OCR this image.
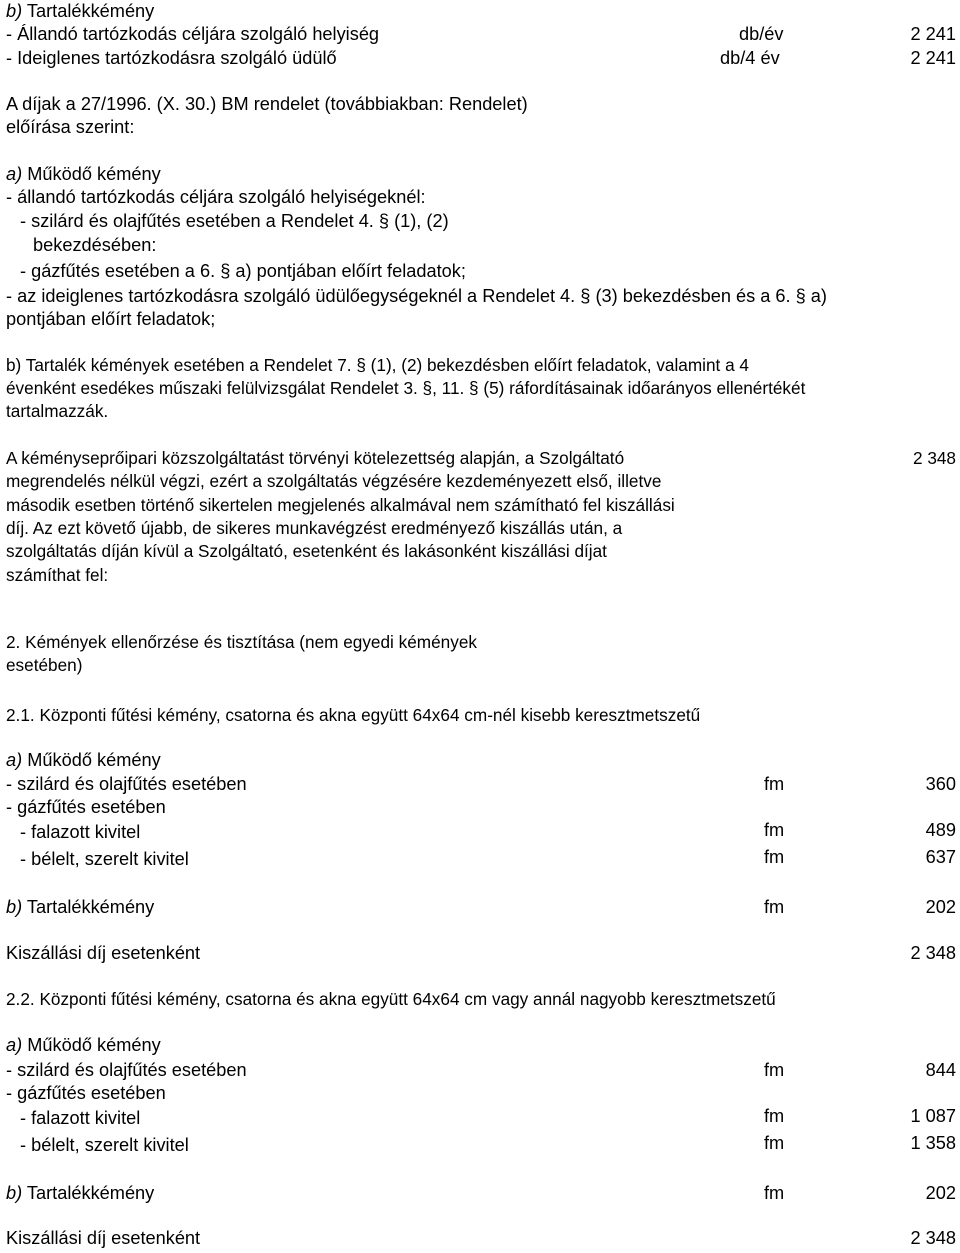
b) Tartalékkémény
- Állandó tartózkodás céljára szolgáló helyiség	db/év	2 241
- Ideiglenes tartózkodásra szolgáló üdülő	db/4 év	2 241
A díjak a 27/1996. (X. 30.) BM rendelet (továbbiakban: Rendelet)
előírása szerint:
a) Működő kémény
- állandó tartózkodás céljára szolgáló helyiségeknél:
- szilárd és olajfűtés esetében a Rendelet 4. § (1), (2)
bekezdésében:
- gázfűtés esetében a 6. § a) pontjában előírt feladatok;
- az ideiglenes tartózkodásra szolgáló üdülőegységeknél a Rendelet 4. § (3) bekezdésben és a 6. § a)
pontjában előírt feladatok;
b) Tartalék kémények esetében a Rendelet 7. § (1), (2) bekezdésben előírt feladatok, valamint a 4
évenként esedékes műszaki felülvizsgálat Rendelet 3. §, 11. § (5) ráfordításainak időarányos ellenértékét
tartalmazzák.
A kéményseprőipari közszolgáltatást törvényi kötelezettség alapján, a Szolgáltató
megrendelés nélkül végzi, ezért a szolgáltatás végzésére kezdeményezett első, illetve
második esetben történő sikertelen megjelenés alkalmával nem számítható fel kiszállási
díj. Az ezt követő újabb, de sikeres munkavégzést eredményező kiszállás után, a
szolgáltatás díján kívül a Szolgáltató, esetenként és lakásonként kiszállási díjat
számíthat fel:
2 348
2. Kémények ellenőrzése és tisztítása (nem egyedi kémények
esetében)
2.1. Központi fűtési kémény, csatorna és akna együtt 64x64 cm-nél kisebb keresztmetszetű
a) Működő kémény
- szilárd és olajfűtés esetében	fm	360
- gázfűtés esetében
- falazott kivitel	fm	489
- bélelt, szerelt kivitel	fm	637
b) Tartalékkémény	fm	202
Kiszállási díj esetenként	2 348
2.2. Központi fűtési kémény, csatorna és akna együtt 64x64 cm vagy annál nagyobb keresztmetszetű
a) Működő kémény
- szilárd és olajfűtés esetében	fm	844
- gázfűtés esetében
- falazott kivitel	fm	1 087
- bélelt, szerelt kivitel	fm	1 358
b) Tartalékkémény	fm	202
Kiszállási díj esetenként	2 348
